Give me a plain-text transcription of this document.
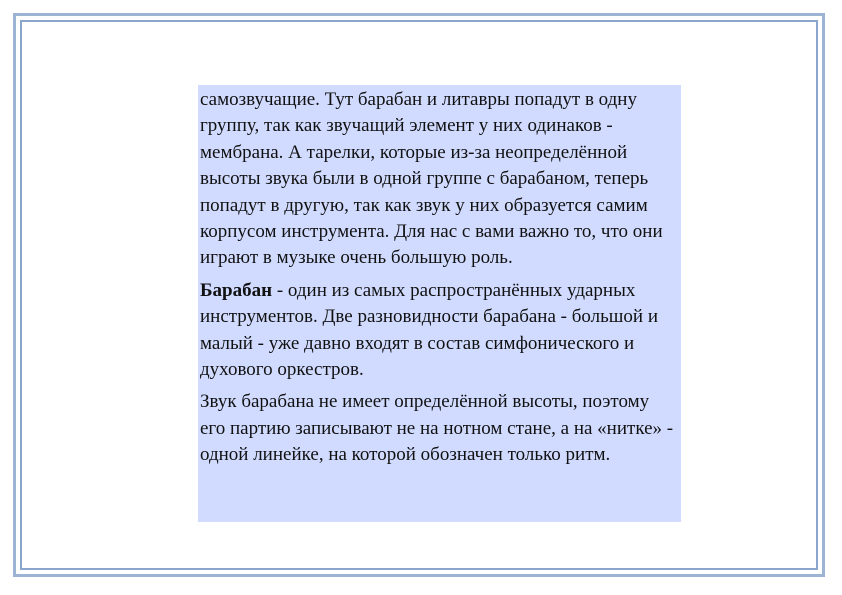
самозвучащие. Тут барабан и литавры попадут в одну группу, так как звучащий элемент у них одинаков - мембрана. А тарелки, которые из-за неопределённой высоты звука были в одной группе с барабаном, теперь попадут в другую, так как звук у них образуется самим корпусом инструмента. Для нас с вами важно то, что они играют в музыке очень большую роль.

Барабан - один из самых распространённых ударных инструментов. Две разновидности барабана - большой и малый - уже давно входят в состав симфонического и духового оркестров.

Звук барабана не имеет определённой высоты, поэтому его партию записывают не на нотном стане, а на «нитке» - одной линейке, на которой обозначен только ритм.
